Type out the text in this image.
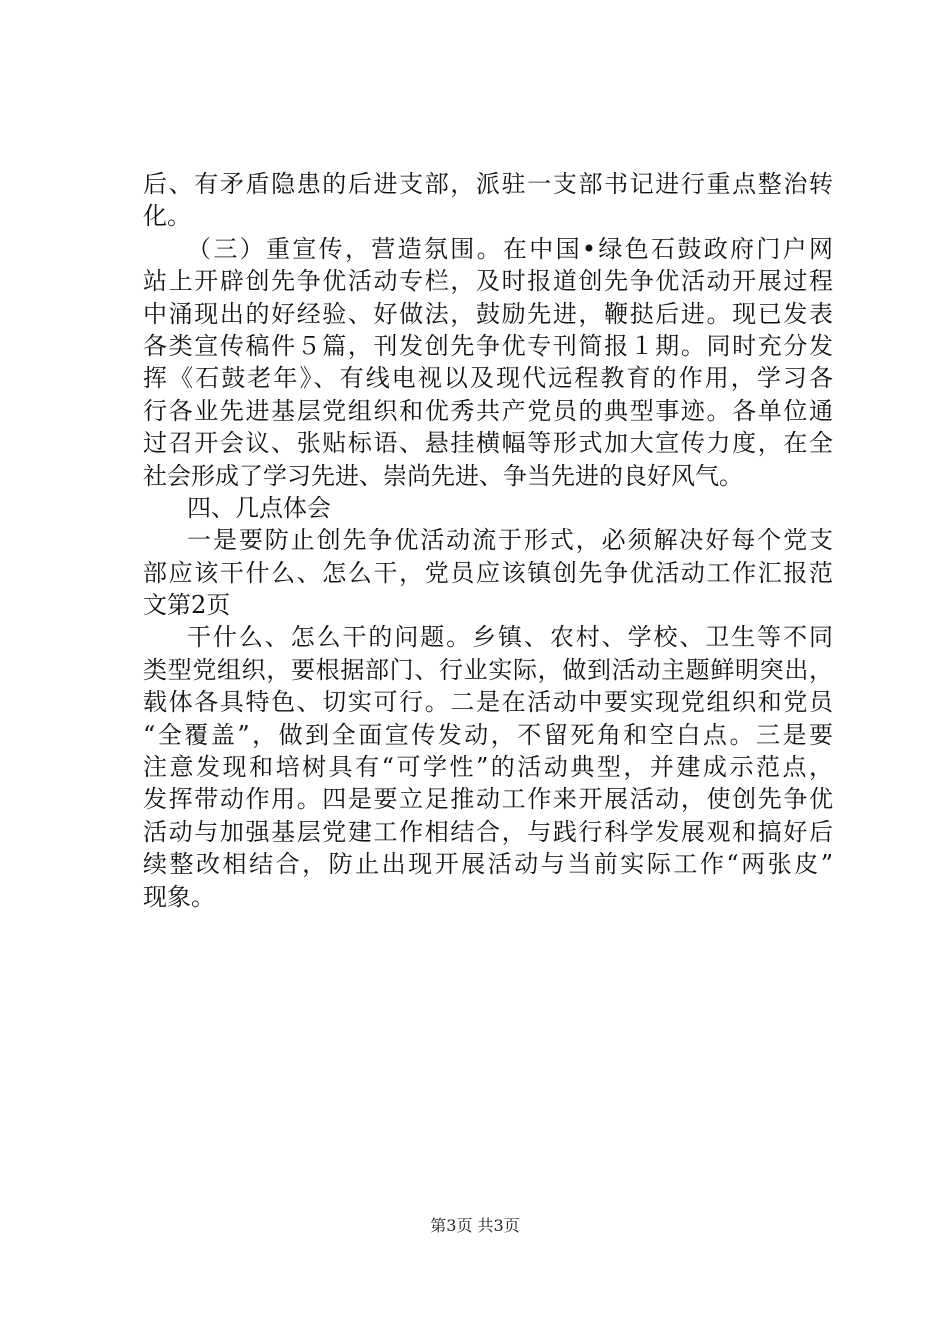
后、有矛盾隐患的后进支部，派驻一支部书记进行重点整治转
化。
（三）重宣传，营造氛围。在中国•绿色石鼓政府门户网
站上开辟创先争优活动专栏，及时报道创先争优活动开展过程
中涌现出的好经验、好做法，鼓励先进，鞭挞后进。现已发表
各类宣传稿件５篇，刊发创先争优专刊简报１期。同时充分发
挥《石鼓老年》、有线电视以及现代远程教育的作用，学习各
行各业先进基层党组织和优秀共产党员的典型事迹。各单位通
过召开会议、张贴标语、悬挂横幅等形式加大宣传力度，在全
社会形成了学习先进、崇尚先进、争当先进的良好风气。
四、几点体会
一是要防止创先争优活动流于形式，必须解决好每个党支
部应该干什么、怎么干，党员应该镇创先争优活动工作汇报范
文第2页
干什么、怎么干的问题。乡镇、农村、学校、卫生等不同
类型党组织，要根据部门、行业实际，做到活动主题鲜明突出，
载体各具特色、切实可行。二是在活动中要实现党组织和党员
“全覆盖”，做到全面宣传发动，不留死角和空白点。三是要
注意发现和培树具有“可学性”的活动典型，并建成示范点，
发挥带动作用。四是要立足推动工作来开展活动，使创先争优
活动与加强基层党建工作相结合，与践行科学发展观和搞好后
续整改相结合，防止出现开展活动与当前实际工作“两张皮”
现象。
第3页 共3页
